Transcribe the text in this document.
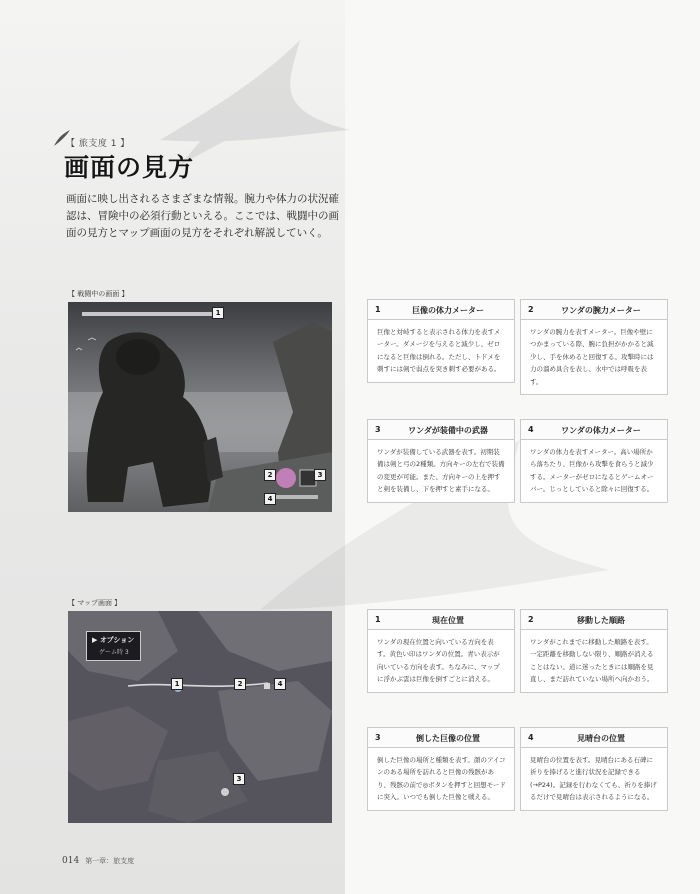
【 旅支度 1 】
画面の見方

画面に映し出されるさまざまな情報。腕力や体力の状況確認は、冒険中の必須行動といえる。ここでは、戦闘中の画面の見方とマップ画面の見方をそれぞれ解説していく。

【 戦闘中の画面 】
1
2	3
4
1	巨像の体力メーター

巨像と対峙すると表示される体力を表すメーター。ダメージを与えると減少し、ゼロになると巨像は倒れる。ただし、トドメを刺すには剣で弱点を突き刺す必要がある。

2	ワンダの腕力メーター

ワンダの腕力を表すメーター。巨像や壁につかまっている際、腕に負担がかかると減少し、手を休めると回復する。攻撃時には力の溜め具合を表し、水中では呼吸を表す。

3	ワンダが装備中の武器

ワンダが装備している武器を表す。初期装備は剣と弓の2種類。方向キーの左右で装備の変更が可能。また、方向キーの上を押すと剣を装備し、下を押すと素手になる。

4	ワンダの体力メーター

ワンダの体力を表すメーター。高い場所から落ちたり、巨像から攻撃を食らうと減少する。メーターがゼロになるとゲームオーバー。じっとしていると除々に回復する。

【 マップ画面 】
▶ オプション
ゲーム時 3
1	2
3
4
1	現在位置

ワンダの現在位置と向いている方向を表す。黄色い印はワンダの位置。青い表示が向いている方向を表す。ちなみに、マップに浮かぶ雲は巨像を倒すごとに消える。

2	移動した順路

ワンダがこれまでに移動した順路を表す。一定距離を移動しない限り、順路が消えることはない。道に迷ったときには順路を見直し、まだ訪れていない場所へ向かおう。

3	倒した巨像の位置

倒した巨像の場所と種類を表す。顔のアイコンのある場所を訪れると巨像の残骸があり、残骸の前で◎ボタンを押すと回想モードに突入。いつでも倒した巨像と戦える。

4	見晴台の位置

見晴台の位置を表す。見晴台にある石碑に祈りを捧げると進行状況を記録できる(→P24)。記録を行わなくても、祈りを捧げるだけで見晴台は表示されるようになる。

014 第一章：旅支度
